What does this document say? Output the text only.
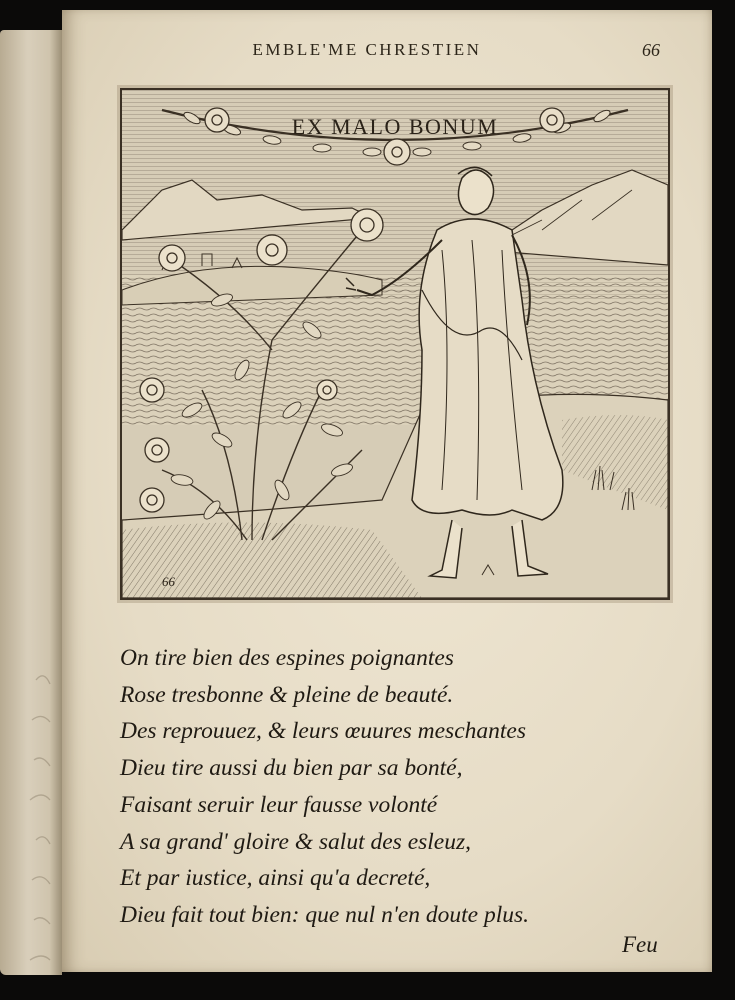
EMBLE'ME CHRESTIEN	66
EX MALO BONUM
66
On tire bien des espines poignantes
Rose tresbonne & pleine de beauté.
Des reprouuez, & leurs œuures meschantes
Dieu tire aussi du bien par sa bonté,
Faisant seruir leur fausse volonté
A sa grand' gloire & salut des esleuz,
Et par iustice, ainsi qu'a decreté,
Dieu fait tout bien: que nul n'en doute plus.
Feu
